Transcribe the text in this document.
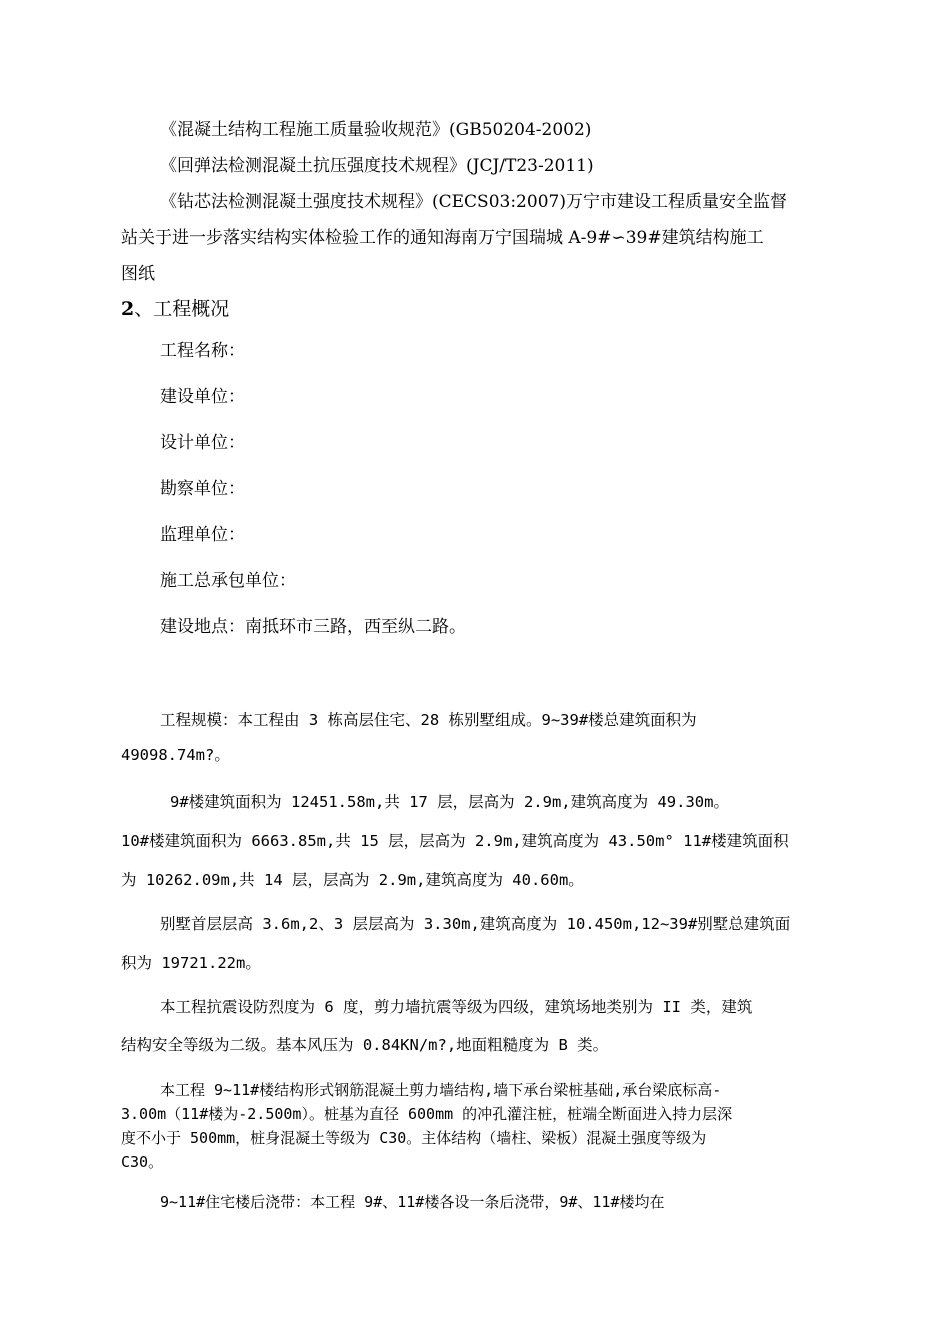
《混凝土结构工程施工质量验收规范》(GB50204-2002)
《回弹法检测混凝土抗压强度技术规程》(JCJ/T23-2011)
《钻芯法检测混凝土强度技术规程》(CECS03:2007)万宁市建设工程质量安全监督
站关于进一步落实结构实体检验工作的通知海南万宁国瑞城 A-9#∽39#建筑结构施工
图纸
2、工程概况
工程名称：
建设单位：
设计单位：
勘察单位：
监理单位：
施工总承包单位：
建设地点：南抵环市三路，西至纵二路。
工程规模：本工程由 3 栋高层住宅、28 栋别墅组成。9~39#楼总建筑面积为
49098.74m?。
9#楼建筑面积为 12451.58m,共 17 层，层高为 2.9m,建筑高度为 49.30m。
10#楼建筑面积为 6663.85m,共 15 层，层高为 2.9m,建筑高度为 43.50m° 11#楼建筑面积
为 10262.09m,共 14 层，层高为 2.9m,建筑高度为 40.60m。
别墅首层层高 3.6m,2、3 层层高为 3.30m,建筑高度为 10.450m,12~39#别墅总建筑面
积为 19721.22m。
本工程抗震设防烈度为 6 度，剪力墙抗震等级为四级，建筑场地类别为 II 类，建筑
结构安全等级为二级。基本风压为 0.84KN/m?,地面粗糙度为 B 类。
本工程 9~11#楼结构形式钢筋混凝土剪力墙结构,墙下承台梁桩基础,承台梁底标高-
3.00m（11#楼为-2.500m）。桩基为直径 600mm 的冲孔灌注桩，桩端全断面进入持力层深
度不小于 500mm，桩身混凝土等级为 C30。主体结构（墙柱、梁板）混凝土强度等级为
C30。
9~11#住宅楼后浇带：本工程 9#、11#楼各设一条后浇带，9#、11#楼均在
